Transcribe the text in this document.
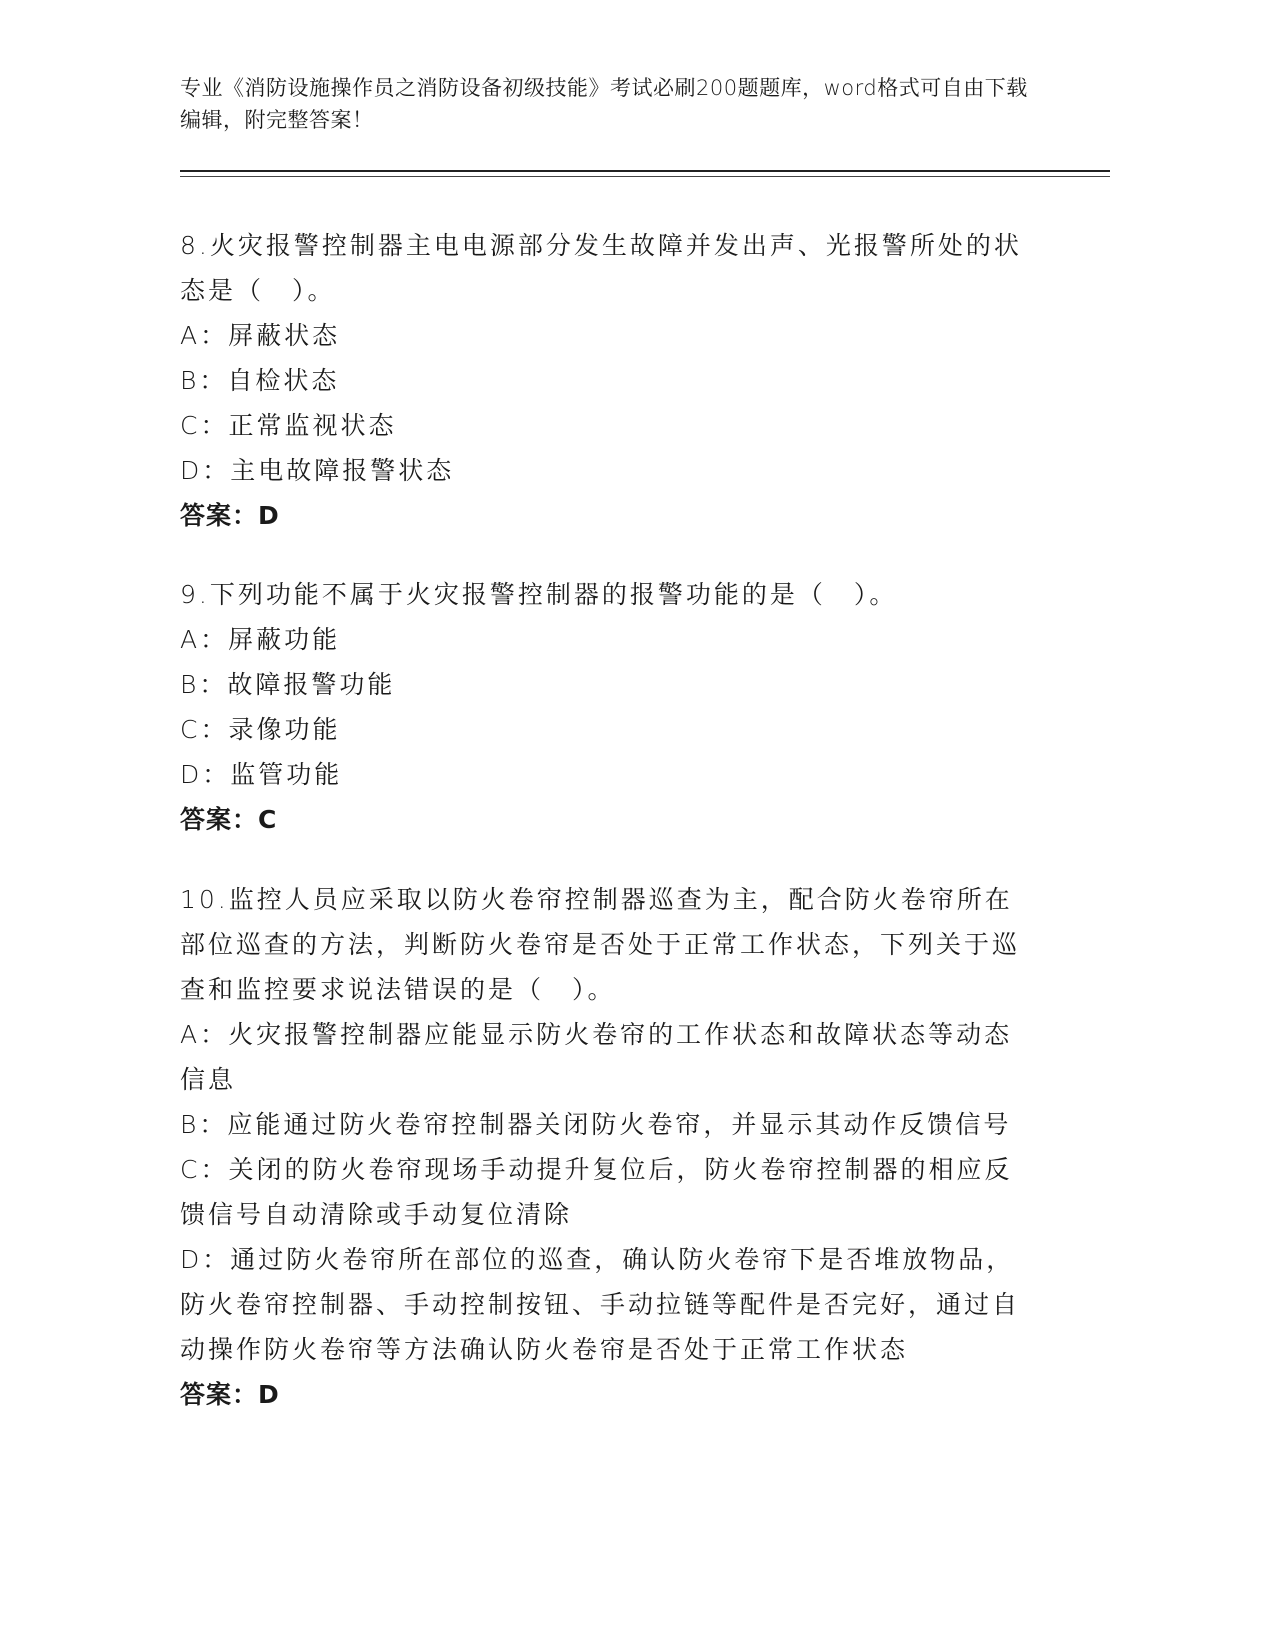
专业《消防设施操作员之消防设备初级技能》考试必刷200题题库，word格式可自由下载编辑，附完整答案！
8.火灾报警控制器主电电源部分发生故障并发出声、光报警所处的状态是（　）。
A：屏蔽状态
B：自检状态
C：正常监视状态
D：主电故障报警状态
答案：D
9.下列功能不属于火灾报警控制器的报警功能的是（　）。
A：屏蔽功能
B：故障报警功能
C：录像功能
D：监管功能
答案：C
10.监控人员应采取以防火卷帘控制器巡查为主，配合防火卷帘所在部位巡查的方法，判断防火卷帘是否处于正常工作状态，下列关于巡查和监控要求说法错误的是（　）。
A：火灾报警控制器应能显示防火卷帘的工作状态和故障状态等动态信息
B：应能通过防火卷帘控制器关闭防火卷帘，并显示其动作反馈信号
C：关闭的防火卷帘现场手动提升复位后，防火卷帘控制器的相应反馈信号自动清除或手动复位清除
D：通过防火卷帘所在部位的巡查，确认防火卷帘下是否堆放物品，防火卷帘控制器、手动控制按钮、手动拉链等配件是否完好，通过自动操作防火卷帘等方法确认防火卷帘是否处于正常工作状态
答案：D
